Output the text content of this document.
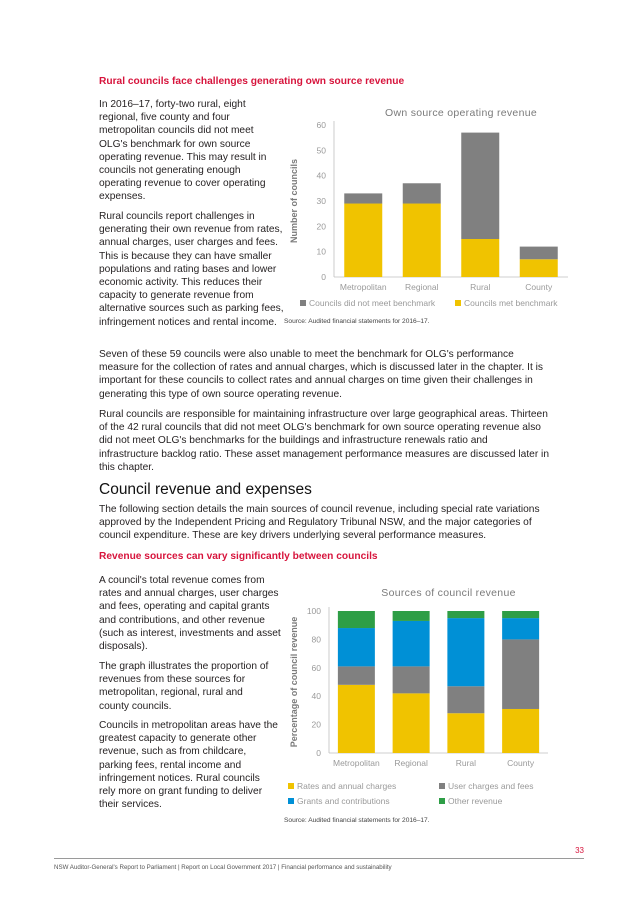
Rural councils face challenges generating own source revenue

In 2016–17, forty-two rural, eight regional, five county and four metropolitan councils did not meet OLG's benchmark for own source operating revenue. This may result in councils not generating enough operating revenue to cover operating expenses.

Rural councils report challenges in generating their own revenue from rates, annual charges, user charges and fees. This is because they can have smaller populations and rating bases and lower economic activity. This reduces their capacity to generate revenue from alternative sources such as parking fees, infringement notices and rental income.

Own source operating revenue
Number of councils
0
10
20
30
40
50
60
Metropolitan Regional	Rural	County
Councils did not meet benchmark	Councils met benchmark
Source: Audited financial statements for 2016–17.

Seven of these 59 councils were also unable to meet the benchmark for OLG's performance measure for the collection of rates and annual charges, which is discussed later in the chapter. It is important for these councils to collect rates and annual charges on time given their challenges in generating this type of own source operating revenue.

Rural councils are responsible for maintaining infrastructure over large geographical areas. Thirteen of the 42 rural councils that did not meet OLG's benchmark for own source operating revenue also did not meet OLG's benchmarks for the buildings and infrastructure renewals ratio and infrastructure backlog ratio. These asset management performance measures are discussed later in this chapter.

Council revenue and expenses

The following section details the main sources of council revenue, including special rate variations approved by the Independent Pricing and Regulatory Tribunal NSW, and the major categories of council expenditure. These are key drivers underlying several performance measures.

Revenue sources can vary significantly between councils

A council's total revenue comes from rates and annual charges, user charges and fees, operating and capital grants and contributions, and other revenue (such as interest, investments and asset disposals).

The graph illustrates the proportion of revenues from these sources for metropolitan, regional, rural and county councils.

Councils in metropolitan areas have the greatest capacity to generate other revenue, such as from childcare, parking fees, rental income and infringement notices. Rural councils rely more on grant funding to deliver their services.

Sources of council revenue
Percentage of council revenue
0
20
40
60
80
100
Metropolitan Regional	Rural	County
Rates and annual charges	User charges and fees
Grants and contributions	Other revenue
Source: Audited financial statements for 2016–17.
33
NSW Auditor-General's Report to Parliament | Report on Local Government 2017 | Financial performance and sustainability
